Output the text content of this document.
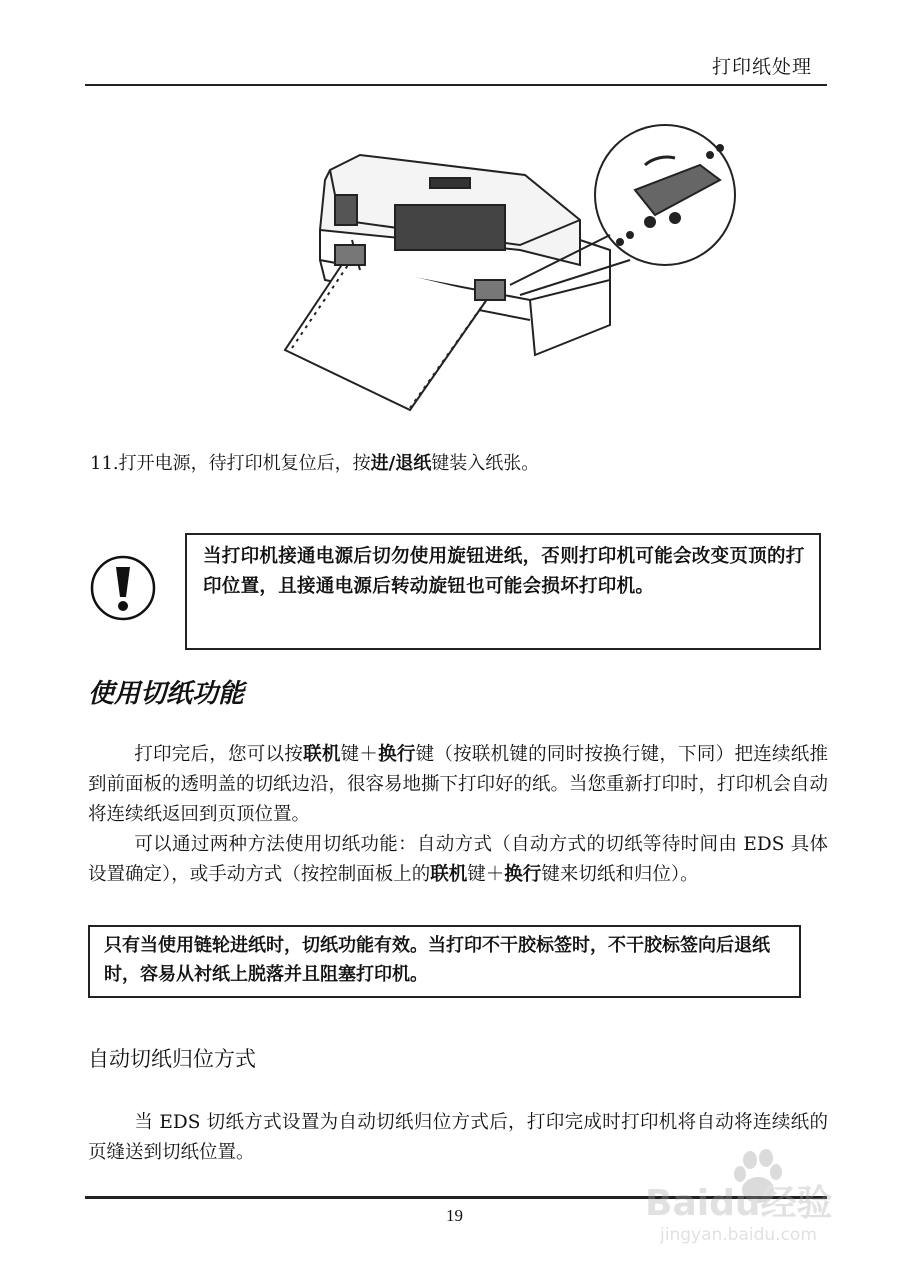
打印纸处理
11.打开电源，待打印机复位后，按进/退纸键装入纸张。
当打印机接通电源后切勿使用旋钮进纸，否则打印机可能会改变页顶的打印位置，且接通电源后转动旋钮也可能会损坏打印机。
使用切纸功能
打印完后，您可以按联机键＋换行键（按联机键的同时按换行键，下同）把连续纸推到前面板的透明盖的切纸边沿，很容易地撕下打印好的纸。当您重新打印时，打印机会自动将连续纸返回到页顶位置。
可以通过两种方法使用切纸功能：自动方式（自动方式的切纸等待时间由 EDS 具体设置确定），或手动方式（按控制面板上的联机键＋换行键来切纸和归位）。
只有当使用链轮进纸时，切纸功能有效。当打印不干胶标签时，不干胶标签向后退纸时，容易从衬纸上脱落并且阻塞打印机。
自动切纸归位方式
当 EDS 切纸方式设置为自动切纸归位方式后，打印完成时打印机将自动将连续纸的页缝送到切纸位置。
19	Baidu经验
jingyan.baidu.com
